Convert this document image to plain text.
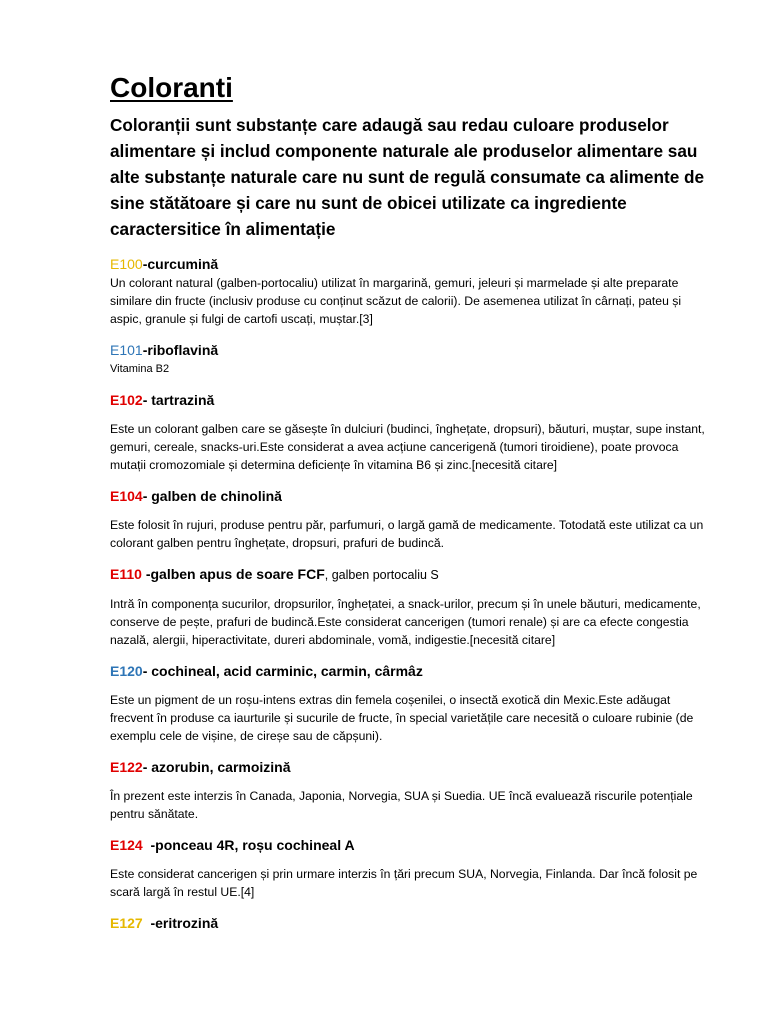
Coloranti

Coloranții sunt substanțe care adaugă sau redau culoare produselor alimentare și includ componente naturale ale produselor alimentare sau alte substanțe naturale care nu sunt de regulă consumate ca alimente de sine stătătoare și care nu sunt de obicei utilizate ca ingrediente caractersitice în alimentație

E100-curcumină

Un colorant natural (galben-portocaliu) utilizat în margarină, gemuri, jeleuri și marmelade și alte preparate similare din fructe (inclusiv produse cu conținut scăzut de calorii). De asemenea utilizat în cârnați, pateu și aspic, granule și fulgi de cartofi uscați, muștar.[3]

E101-riboflavină

Vitamina B2

E102- tartrazină

Este un colorant galben care se găsește în dulciuri (budinci, înghețate, dropsuri), băuturi, muștar, supe instant, gemuri, cereale, snacks-uri.Este considerat a avea acțiune cancerigenă (tumori tiroidiene), poate provoca mutații cromozomiale și determina deficiențe în vitamina B6 și zinc.[necesită citare]

E104- galben de chinolină

Este folosit în rujuri, produse pentru păr, parfumuri, o largă gamă de medicamente. Totodată este utilizat ca un colorant galben pentru înghețate, dropsuri, prafuri de budincă.

E110 -galben apus de soare FCF, galben portocaliu S

Intră în componența sucurilor, dropsurilor, înghețatei, a snack-urilor, precum și în unele băuturi, medicamente, conserve de pește, prafuri de budincă.Este considerat cancerigen (tumori renale) și are ca efecte congestia nazală, alergii, hiperactivitate, dureri abdominale, vomă, indigestie.[necesită citare]

E120- cochineal, acid carminic, carmin, cârmâz

Este un pigment de un roșu-intens extras din femela coșenilei, o insectă exotică din Mexic.Este adăugat frecvent în produse ca iaurturile și sucurile de fructe, în special varietățile care necesită o culoare rubinie (de exemplu cele de vișine, de cireșe sau de căpșuni).

E122- azorubin, carmoizină

În prezent este interzis în Canada, Japonia, Norvegia, SUA și Suedia. UE încă evaluează riscurile potențiale pentru sănătate.

E124  -ponceau 4R, roșu cochineal A

Este considerat cancerigen și prin urmare interzis în țări precum SUA, Norvegia, Finlanda. Dar încă folosit pe scară largă în restul UE.[4]

E127  -eritrozină
